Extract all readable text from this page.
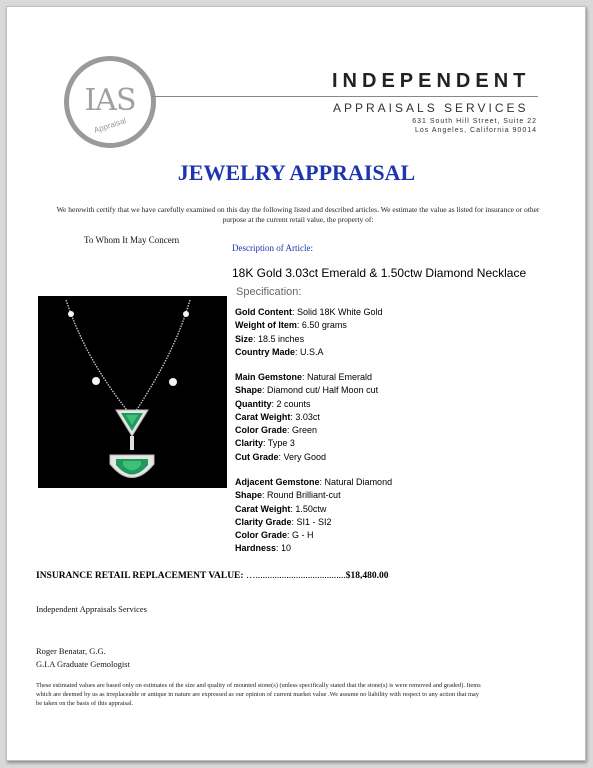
IAS
Appraisal
INDEPENDENT
APPRAISALS SERVICES
631 South Hill Street, Suite 22
Los Angeles, California 90014
JEWELRY APPRAISAL
We herewith certify that we have carefully examined on this day the following listed and described articles. We estimate the value as listed for insurance or other purpose at the current retail value, the property of:
To Whom It May Concern
Description of Article:
18K Gold 3.03ct Emerald & 1.50ctw Diamond Necklace
Specification:
Gold Content: Solid 18K White Gold
Weight of Item: 6.50 grams
Size: 18.5 inches
Country Made: U.S.A
Main Gemstone: Natural Emerald
Shape: Diamond cut/ Half Moon cut
Quantity: 2 counts
Carat Weight: 3.03ct
Color Grade: Green
Clarity: Type 3
Cut Grade: Very Good
Adjacent Gemstone: Natural Diamond
Shape: Round Brilliant-cut
Carat Weight: 1.50ctw
Clarity Grade: SI1 - SI2
Color Grade: G - H
Hardness: 10
INSURANCE RETAIL REPLACEMENT VALUE: …......................................$18,480.00
Independent Appraisals Services
Roger Benatar, G.G.
G.I.A Graduate Gemologist
These estimated values are based only on estimates of the size and quality of mounted stone(s) (unless specifically stated that the stone(s) is were removed and graded). Items which are deemed by us as irreplaceable or antique in nature are expressed as our opinion of current market value .We assume no liability with respect to any action that may be taken on the basis of this appraisal.
